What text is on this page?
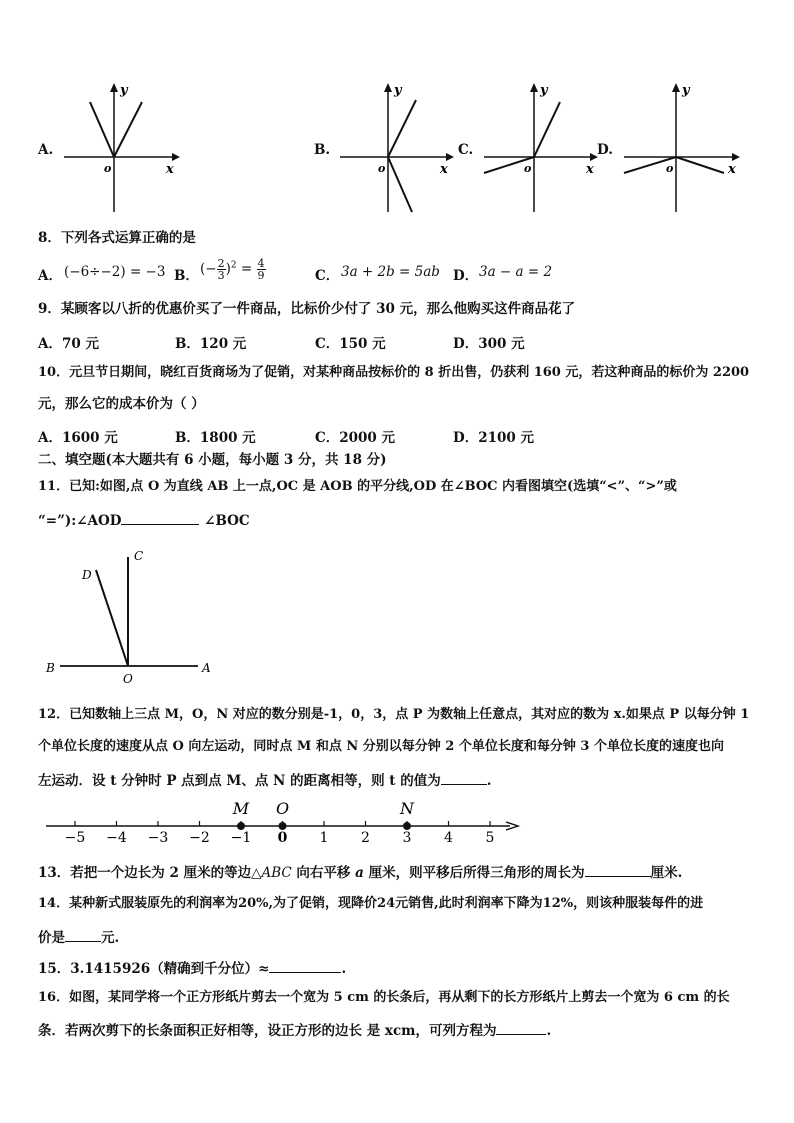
A.
y
x
o
B.
y
x
o
C.
y
x
o
D.
y
x
o
8．下列各式运算正确的是
A． (−6÷−2) = −3 B． (− $\frac{2}{3} )^2 = \frac{4}{9}$	C． 3a + 2b = 5ab D． 3a − a = 2
9．某顾客以八折的优惠价买了一件商品，比标价少付了 30 元，那么他购买这件商品花了
A．70 元	B．120 元	C．150 元	D．300 元
10．元旦节日期间，晓红百货商场为了促销，对某种商品按标价的 8 折出售，仍获利 160 元，若这种商品的标价为 2200
元，那么它的成本价为（ ）
A．1600 元	B．1800 元	C．2000 元	D．2100 元
二、填空题(本大题共有 6 小题，每小题 3 分，共 18 分)
11．已知:如图,点 O 为直线 AB 上一点,OC 是 AOB 的平分线,OD 在∠BOC 内看图填空(选填“<”、“>”或
“=”):∠AOD	∠BOC
B	A
C
D
O
12．已知数轴上三点 M，O，N 对应的数分别是-1，0，3，点 P 为数轴上任意点，其对应的数为 x.如果点 P 以每分钟 1
个单位长度的速度从点 O 向左运动，同时点 M 和点 N 分别以每分钟 2 个单位长度和每分钟 3 个单位长度的速度也向
左运动．设 t 分钟时 P 点到点 M、点 N 的距离相等，则 t 的值为	.
−5 −4 −3 −2 −1 0 1 2 3 4 5
M O	N
13．若把一个边长为 2 厘米的等边△ABC 向右平移 a 厘米，则平移后所得三角形的周长为	厘米.
14．某种新式服装原先的利润率为20%,为了促销，现降价24元销售,此时利润率下降为12%，则该种服装每件的进
价是	元.
15．3.1415926（精确到千分位）≈	.
16．如图，某同学将一个正方形纸片剪去一个宽为 5 cm 的长条后，再从剩下的长方形纸片上剪去一个宽为 6 cm 的长
条．若两次剪下的长条面积正好相等，设正方形的边长 是 xcm，可列方程为	.
